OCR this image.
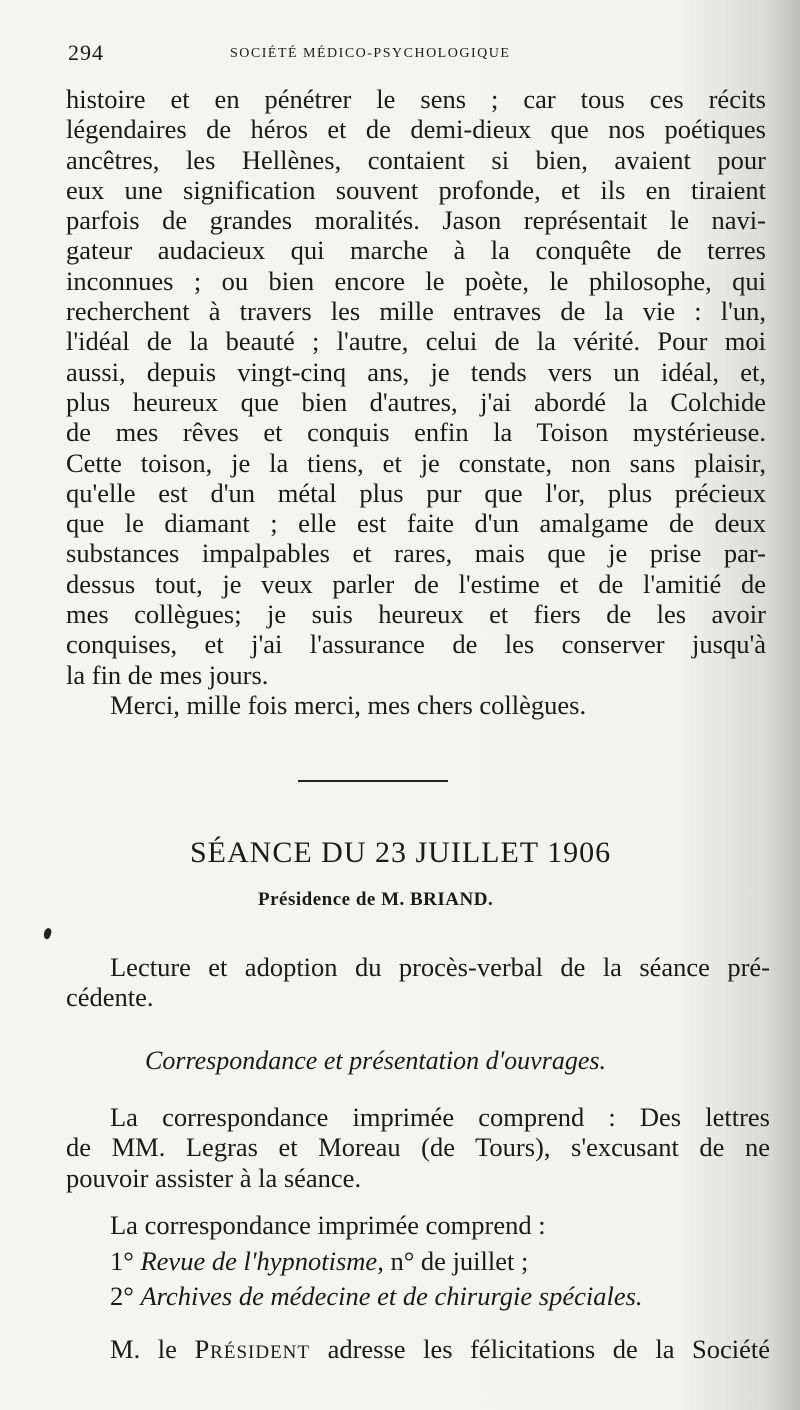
294	SOCIÉTÉ MÉDICO-PSYCHOLOGIQUE
histoire et en pénétrer le sens ; car tous ces récits
légendaires de héros et de demi-dieux que nos poétiques
ancêtres, les Hellènes, contaient si bien, avaient pour
eux une signification souvent profonde, et ils en tiraient
parfois de grandes moralités. Jason représentait le navi-
gateur audacieux qui marche à la conquête de terres
inconnues ; ou bien encore le poète, le philosophe, qui
recherchent à travers les mille entraves de la vie : l'un,
l'idéal de la beauté ; l'autre, celui de la vérité. Pour moi
aussi, depuis vingt-cinq ans, je tends vers un idéal, et,
plus heureux que bien d'autres, j'ai abordé la Colchide
de mes rêves et conquis enfin la Toison mystérieuse.
Cette toison, je la tiens, et je constate, non sans plaisir,
qu'elle est d'un métal plus pur que l'or, plus précieux
que le diamant ; elle est faite d'un amalgame de deux
substances impalpables et rares, mais que je prise par-
dessus tout, je veux parler de l'estime et de l'amitié de
mes collègues; je suis heureux et fiers de les avoir
conquises, et j'ai l'assurance de les conserver jusqu'à
la fin de mes jours.
Merci, mille fois merci, mes chers collègues.
SÉANCE DU 23 JUILLET 1906
Présidence de M. BRIAND.
Lecture et adoption du procès-verbal de la séance pré-
cédente.
Correspondance et présentation d'ouvrages.
La correspondance imprimée comprend : Des lettres
de MM. Legras et Moreau (de Tours), s'excusant de ne
pouvoir assister à la séance.
La correspondance imprimée comprend :
1° Revue de l'hypnotisme, n° de juillet ;
2° Archives de médecine et de chirurgie spéciales.
M. le Président adresse les félicitations de la Société
